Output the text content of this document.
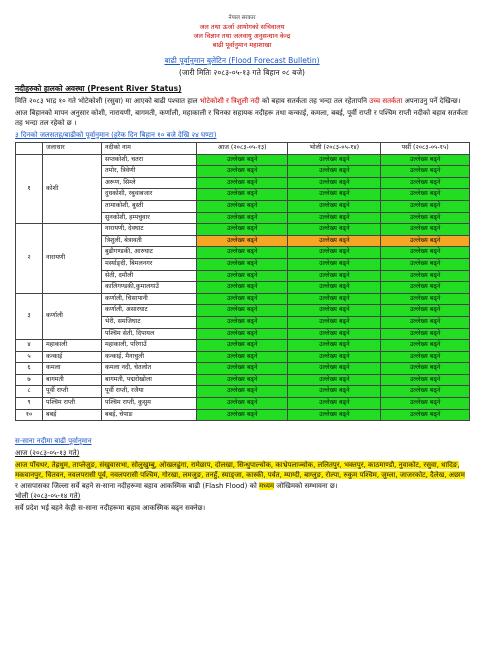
नेपाल सरकार
जल तथा ऊर्जा आयोगको सचिवालय
जल विज्ञान तथा जलवायु अनुसन्धान केन्द्र
बाढी पूर्वानुमान महाशाखा
बाढी पूर्वानुमान बुलेटिन (Flood Forecast Bulletin)
(जारी मितिः २०८३-०५-१३ गते बिहान ०८ बजे)
नदीहरुको हालको अवस्था (Present River Status)
मिति २०८३ भाद्र १० गते भोटेकोशी (रसुवा) मा आएको बाढी पश्चात हाल भोटेकोशी र त्रिशुली नदी को बहाव सतर्कता तह भन्दा तल रहेतापनि उच्च सतर्कता अपनाउनु पर्ने देखिन्छ।
आज बिहानको मापन अनुसार कोशी, नारायणी, बागमती, कर्णाली, महाकाली र चिनका सहायक नदीहरू तथा कन्काई, कमला, बबई, पूर्वी राप्ती र पश्चिम राप्ती नदीको बहाव सतर्कता तह भन्दा तल रहेको छ ।
३ दिनको जलसतह/बाढीको पूर्वानुमान (हरेक दिन बिहान १० बजे देखि २४ घण्टा)
	जलाधार	नदीको नाम	आज (२०८३-०५-१३)	भोली (२०८३-०५-१४)	पर्सी (२०८३-०५-१५)
१	कोशी	सप्तकोशी, चतरा	उल्लेख्य बढ्ने	उल्लेख्य बढ्ने	उल्लेख्य बढ्ने
		तमोर, त्रिवेणी	उल्लेख्य बढ्ने	उल्लेख्य बढ्ने	उल्लेख्य बढ्ने
		अरूण, सिम्ले	उल्लेख्य बढ्ने	उल्लेख्य बढ्ने	उल्लेख्य बढ्ने
		दुधकोशी, रबुवाबजार	उल्लेख्य बढ्ने	उल्लेख्य बढ्ने	उल्लेख्य बढ्ने
		तामाकोशी, बुस्ती	उल्लेख्य बढ्ने	उल्लेख्य बढ्ने	उल्लेख्य बढ्ने
		सुनकोशी, हम्पचुवार	उल्लेख्य बढ्ने	उल्लेख्य बढ्ने	उल्लेख्य बढ्ने
२	नारायणी	नारायणी, देवघाट	उल्लेख्य बढ्ने	उल्लेख्य बढ्ने	उल्लेख्य बढ्ने
		त्रिशुली, बेत्रावती	उल्लेख्य बढ्ने	उल्लेख्य बढ्ने	उल्लेख्य बढ्ने
		बुढीगण्डकी, आरुघाट	उल्लेख्य बढ्ने	उल्लेख्य बढ्ने	उल्लेख्य बढ्ने
		मर्स्याङ्दी, बिमलनगर	उल्लेख्य बढ्ने	उल्लेख्य बढ्ने	उल्लेख्य बढ्ने
		सेती, दमौली	उल्लेख्य बढ्ने	उल्लेख्य बढ्ने	उल्लेख्य बढ्ने
		कालिगण्डकी,कुमालगाउँ	उल्लेख्य बढ्ने	उल्लेख्य बढ्ने	उल्लेख्य बढ्ने
३	कर्णाली	कर्णाली, चिसापानी	उल्लेख्य बढ्ने	उल्लेख्य बढ्ने	उल्लेख्य बढ्ने
		कर्णाली, असारघाट	उल्लेख्य बढ्ने	उल्लेख्य बढ्ने	उल्लेख्य बढ्ने
		भेरी, समजिघाट	उल्लेख्य बढ्ने	उल्लेख्य बढ्ने	उल्लेख्य बढ्ने
		पश्चिम सेती, दिपायल	उल्लेख्य बढ्ने	उल्लेख्य बढ्ने	उल्लेख्य बढ्ने
४	महाकाली	महाकाली, परिगाउँ	उल्लेख्य बढ्ने	उल्लेख्य बढ्ने	उल्लेख्य बढ्ने
५	कन्काई	कन्काई, मैनाचुली	उल्लेख्य बढ्ने	उल्लेख्य बढ्ने	उल्लेख्य बढ्ने
६	कमला	कमला नदी, चेतलोत	उल्लेख्य बढ्ने	उल्लेख्य बढ्ने	उल्लेख्य बढ्ने
७	बागमती	बागमती, पद्मरोखोला	उल्लेख्य बढ्ने	उल्लेख्य बढ्ने	उल्लेख्य बढ्ने
८	पूर्वी राप्ती	पूर्वी राप्ती, रजैया	उल्लेख्य बढ्ने	उल्लेख्य बढ्ने	उल्लेख्य बढ्ने
९	पश्चिम राप्ती	पश्चिम राप्ती, कुसुम	उल्लेख्य बढ्ने	उल्लेख्य बढ्ने	उल्लेख्य बढ्ने
१०	बबई	बबई, चेपाङ	उल्लेख्य बढ्ने	उल्लेख्य बढ्ने	उल्लेख्य बढ्ने
स-साना नदीमा बाढी पूर्वानुमान
आज (२०८३-०५-१३ गते)
आज पाँचथर, तेह्रथुम, ताप्लेजुङ, संखुवासभा, सोलुखुम्बु, ओखलढुंगा, रामेछाप, दोलखा, सिन्धुपाल्चोक, काभ्रेपलाञ्चोक, ललितपुर, भक्तपुर, काठमाण्डौ, नुवाकोट, रसुवा, धादिङ, मकवानपुर, चितवन, नवलपरासी पूर्व, नवलपरासी पश्चिम, गोरखा, लमजुङ, तनहुँ, स्याङ्जा, कास्की, पर्वत, म्याग्दी, बाग्लुङ, रोल्पा, रुकुम पश्चिम, जुम्ला, जाजरकोट, दैलेख, अछाम र आसपासका जिल्ला सर्वे बहने स-साना नदीहरूमा बहाव आकस्मिक बाढी (Flash Flood) को मध्यम जोखिमको सम्भावना छ।
भोली (२०८३-०५-१४ गते)
सर्वे प्रदेश भई बहने केही स-साना नदीहरूमा बहाव आकस्मिक बढ्न सक्नेछ।
